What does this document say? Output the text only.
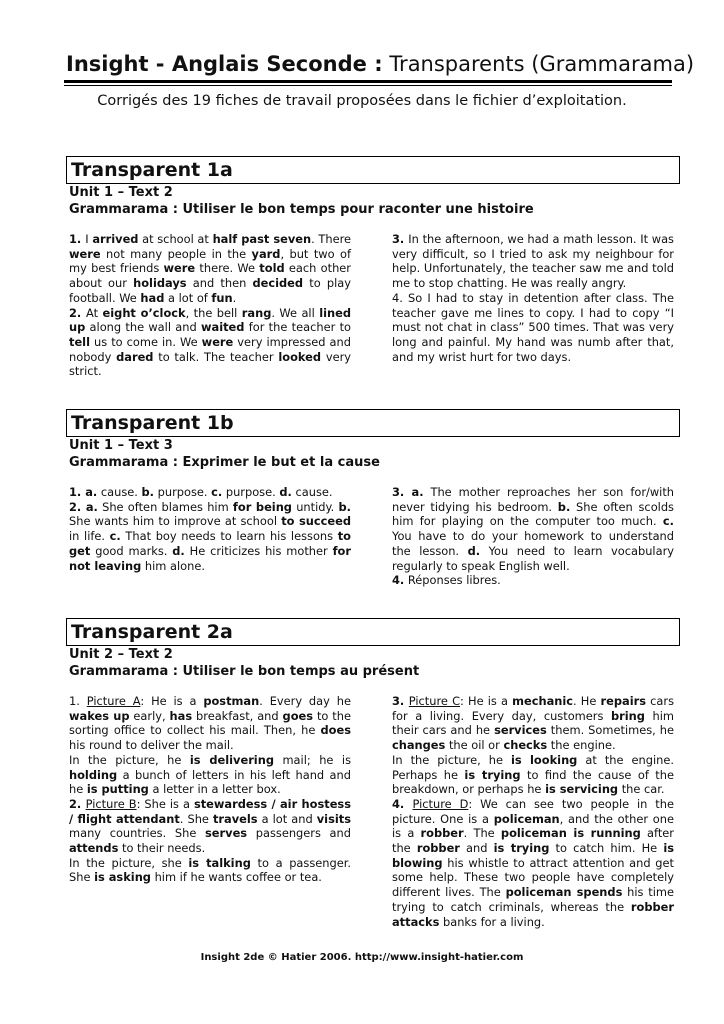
Insight - Anglais Seconde : Transparents (Grammarama)
Corrigés des 19 fiches de travail proposées dans le fichier d’exploitation.
Transparent 1a
Unit 1 – Text 2
Grammarama : Utiliser le bon temps pour raconter une histoire

1. I arrived at school at half past seven. There were not many people in the yard, but two of my best friends were there. We told each other about our holidays and then decided to play football. We had a lot of fun.

2. At eight o’clock, the bell rang. We all lined up along the wall and waited for the teacher to tell us to come in. We were very impressed and nobody dared to talk. The teacher looked very strict.

3. In the afternoon, we had a math lesson. It was very difficult, so I tried to ask my neighbour for help. Unfortunately, the teacher saw me and told me to stop chatting. He was really angry.

4. So I had to stay in detention after class. The teacher gave me lines to copy. I had to copy “I must not chat in class” 500 times. That was very long and painful. My hand was numb after that, and my wrist hurt for two days.

Transparent 1b
Unit 1 – Text 3
Grammarama : Exprimer le but et la cause

1. a. cause. b. purpose. c. purpose. d. cause.

2. a. She often blames him for being untidy. b. She wants him to improve at school to succeed in life. c. That boy needs to learn his lessons to get good marks. d. He criticizes his mother for not leaving him alone.

3. a. The mother reproaches her son for/with never tidying his bedroom. b. She often scolds him for playing on the computer too much. c. You have to do your homework to understand the lesson. d. You need to learn vocabulary regularly to speak English well.

4. Réponses libres.

Transparent 2a
Unit 2 – Text 2
Grammarama : Utiliser le bon temps au présent

1. Picture A: He is a postman. Every day he wakes up early, has breakfast, and goes to the sorting office to collect his mail. Then, he does his round to deliver the mail.

In the picture, he is delivering mail; he is holding a bunch of letters in his left hand and he is putting a letter in a letter box.

2. Picture B: She is a stewardess / air hostess / flight attendant. She travels a lot and visits many countries. She serves passengers and attends to their needs.

In the picture, she is talking to a passenger. She is asking him if he wants coffee or tea.

3. Picture C: He is a mechanic. He repairs cars for a living. Every day, customers bring him their cars and he services them. Sometimes, he changes the oil or checks the engine.

In the picture, he is looking at the engine. Perhaps he is trying to find the cause of the breakdown, or perhaps he is servicing the car.

4. Picture D: We can see two people in the picture. One is a policeman, and the other one is a robber. The policeman is running after the robber and is trying to catch him. He is blowing his whistle to attract attention and get some help. These two people have completely different lives. The policeman spends his time trying to catch criminals, whereas the robber attacks banks for a living.

Insight 2de © Hatier 2006. http://www.insight-hatier.com
